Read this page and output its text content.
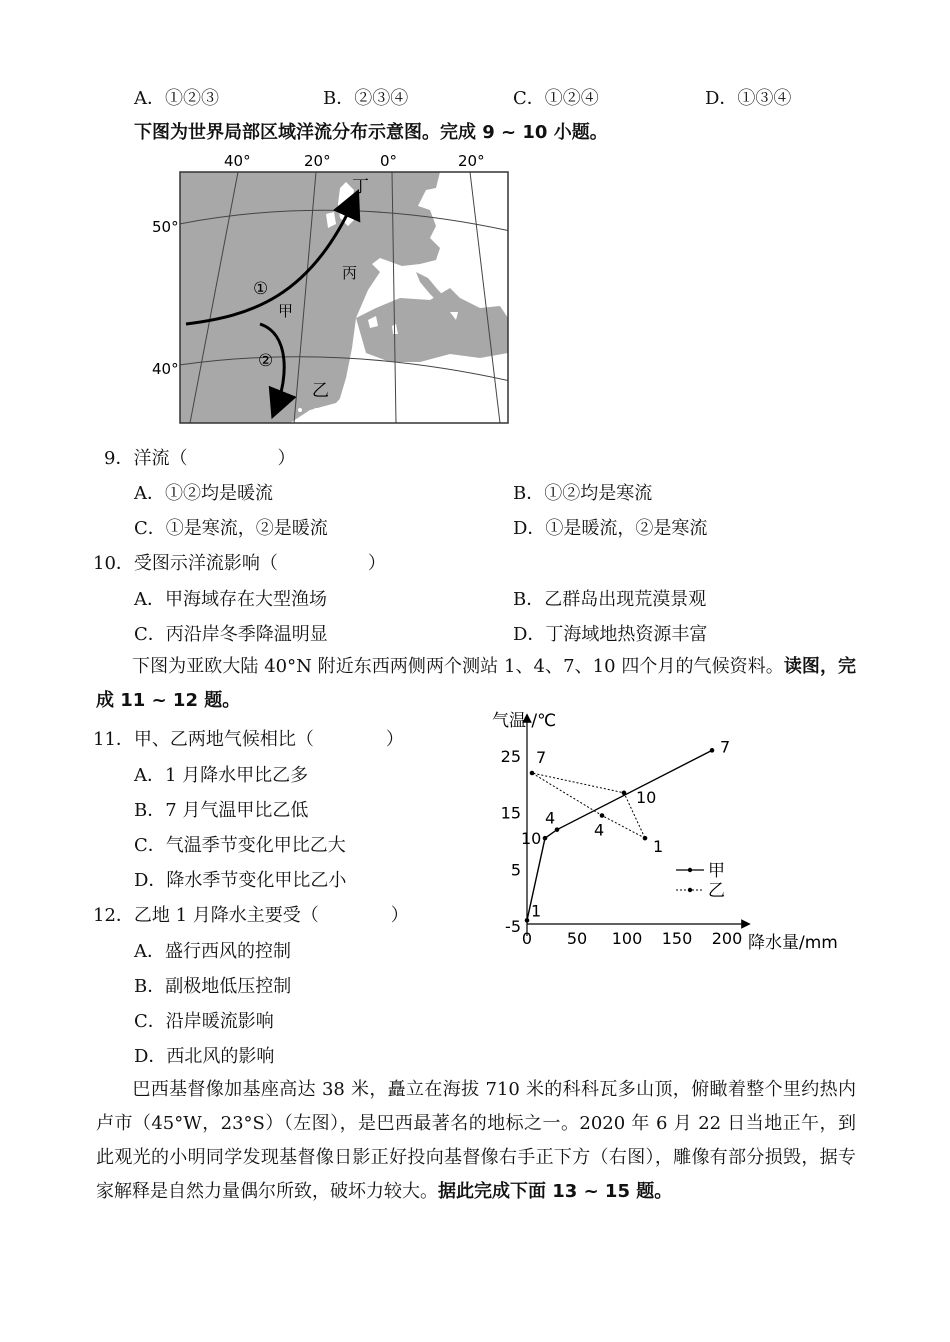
A．①②③	B．②③④	C．①②④	D．①③④
下图为世界局部区域洋流分布示意图。完成 9 ~ 10 小题。
40°	20°	0°	20°
50°
40°
丁
丙
甲
乙
①
②
9．洋流（　　　　　）
A．①②均是暖流	B．①②均是寒流
C．①是寒流，②是暖流	D．①是暖流，②是寒流
10．受图示洋流影响（　　　　　）
A．甲海域存在大型渔场	B．乙群岛出现荒漠景观
C．丙沿岸冬季降温明显	D．丁海域地热资源丰富
下图为亚欧大陆 40°N 附近东西两侧两个测站 1、4、7、10 四个月的气候资料。读图，完成 11 ~ 12 题。
11．甲、乙两地气候相比（　　　　）
A．1 月降水甲比乙多
B．7 月气温甲比乙低
C．气温季节变化甲比乙大
D．降水季节变化甲比乙小
12．乙地 1 月降水主要受（　　　　）
A．盛行西风的控制
B．副极地低压控制
C．沿岸暖流影响
D．西北风的影响
气温 /℃
降水量/mm
0 50 100 150 200
-5
5
15
25
1
4
7
10	1
4
7
10
甲
乙
巴西基督像加基座高达 38 米，矗立在海拔 710 米的科科瓦多山顶，俯瞰着整个里约热内卢市（45°W，23°S）（左图），是巴西最著名的地标之一。2020 年 6 月 22 日当地正午，到此观光的小明同学发现基督像日影正好投向基督像右手正下方（右图），雕像有部分损毁，据专家解释是自然力量偶尔所致，破坏力较大。据此完成下面 13 ~ 15 题。
